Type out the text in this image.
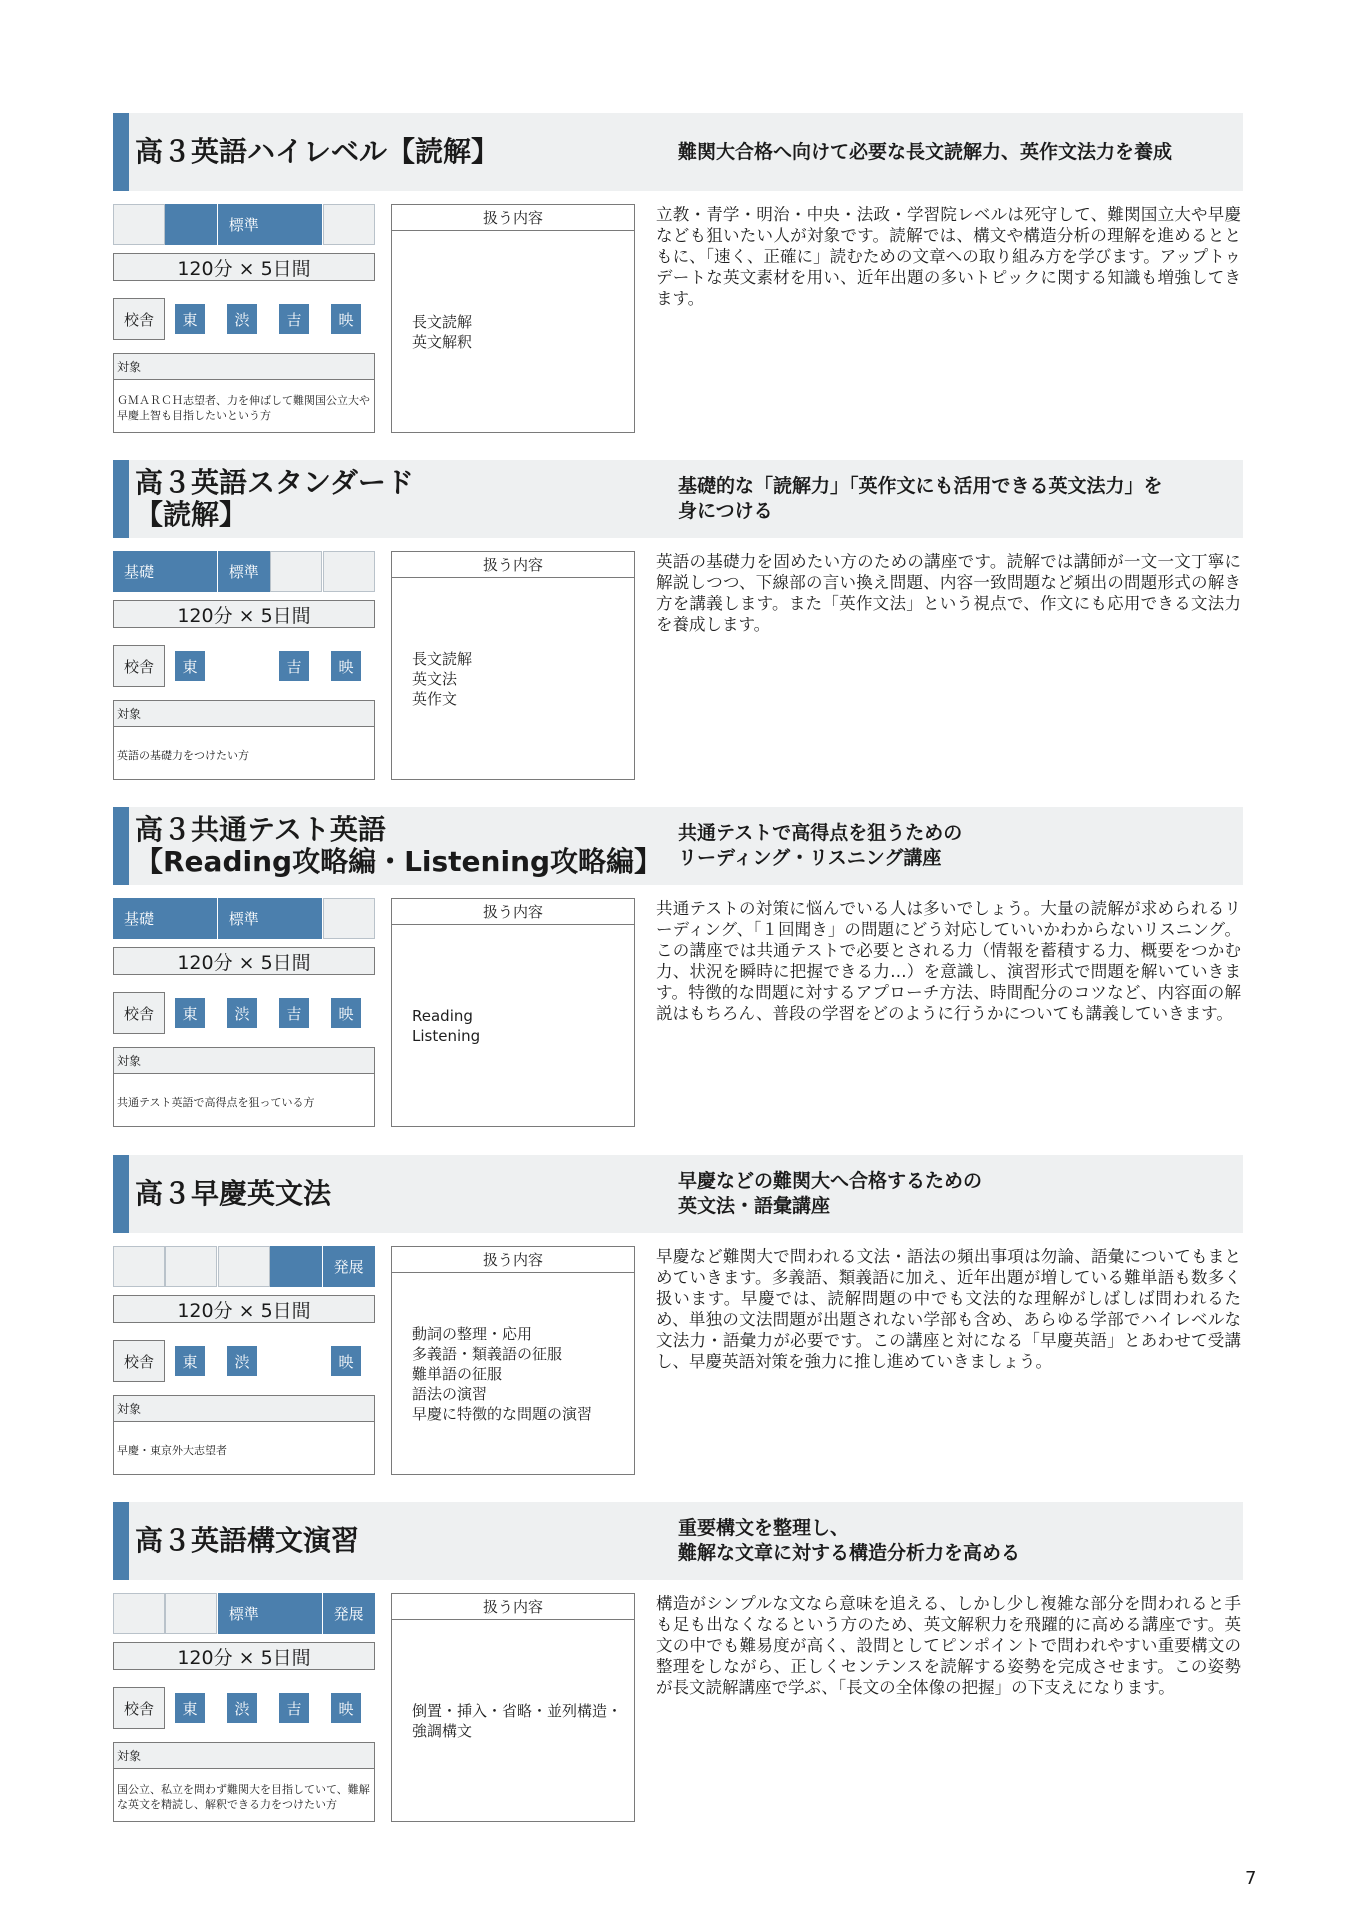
高３英語ハイレベル【読解】	難関大合格へ向けて必要な長文読解力、英作文法力を養成
標準
120分 × 5日間
校舎	東	渋	吉	映
対象
ＧＭＡＲＣＨ志望者、力を伸ばして難関国公立大や早慶上智も目指したいという方
扱う内容
長文読解
英文解釈
立教・青学・明治・中央・法政・学習院レベルは死守して、難関国立大や早慶なども狙いたい人が対象です。読解では、構文や構造分析の理解を進めるとともに、「速く、正確に」読むための文章への取り組み方を学びます。アップトゥデートな英文素材を用い、近年出題の多いトピックに関する知識も増強してきます。
高３英語スタンダード
【読解】
基礎的な「読解力」「英作文にも活用できる英文法力」を
身につける
基礎	標準
120分 × 5日間
校舎	東	吉	映
対象
英語の基礎力をつけたい方
扱う内容
長文読解
英文法
英作文
英語の基礎力を固めたい方のための講座です。読解では講師が一文一文丁寧に解説しつつ、下線部の言い換え問題、内容一致問題など頻出の問題形式の解き方を講義します。また「英作文法」という視点で、作文にも応用できる文法力を養成します。
高３共通テスト英語
【Reading攻略編・Listening攻略編】
共通テストで高得点を狙うための
リーディング・リスニング講座
基礎	標準
120分 × 5日間
校舎	東	渋	吉	映
対象
共通テスト英語で高得点を狙っている方
扱う内容
Reading
Listening
共通テストの対策に悩んでいる人は多いでしょう。大量の読解が求められるリーディング、「１回聞き」の問題にどう対応していいかわからないリスニング。この講座では共通テストで必要とされる力（情報を蓄積する力、概要をつかむ力、状況を瞬時に把握できる力…）を意識し、演習形式で問題を解いていきます。特徴的な問題に対するアプローチ方法、時間配分のコツなど、内容面の解説はもちろん、普段の学習をどのように行うかについても講義していきます。
高３早慶英文法	早慶などの難関大へ合格するための
英文法・語彙講座
発展
120分 × 5日間
校舎	東	渋	映
対象
早慶・東京外大志望者
扱う内容
動詞の整理・応用
多義語・類義語の征服
難単語の征服
語法の演習
早慶に特徴的な問題の演習
早慶など難関大で問われる文法・語法の頻出事項は勿論、語彙についてもまとめていきます。多義語、類義語に加え、近年出題が増している難単語も数多く扱います。早慶では、読解問題の中でも文法的な理解がしばしば問われるため、単独の文法問題が出題されない学部も含め、あらゆる学部でハイレベルな文法力・語彙力が必要です。この講座と対になる「早慶英語」とあわせて受講し、早慶英語対策を強力に推し進めていきましょう。
高３英語構文演習	重要構文を整理し、
難解な文章に対する構造分析力を高める
標準	発展
120分 × 5日間
校舎	東	渋	吉	映
対象
国公立、私立を問わず難関大を目指していて、難解な英文を精読し、解釈できる力をつけたい方
扱う内容
倒置・挿入・省略・並列構造・強調構文
構造がシンプルな文なら意味を追える、しかし少し複雑な部分を問われると手も足も出なくなるという方のため、英文解釈力を飛躍的に高める講座です。英文の中でも難易度が高く、設問としてピンポイントで問われやすい重要構文の整理をしながら、正しくセンテンスを読解する姿勢を完成させます。この姿勢が長文読解講座で学ぶ、「長文の全体像の把握」の下支えになります。
7
